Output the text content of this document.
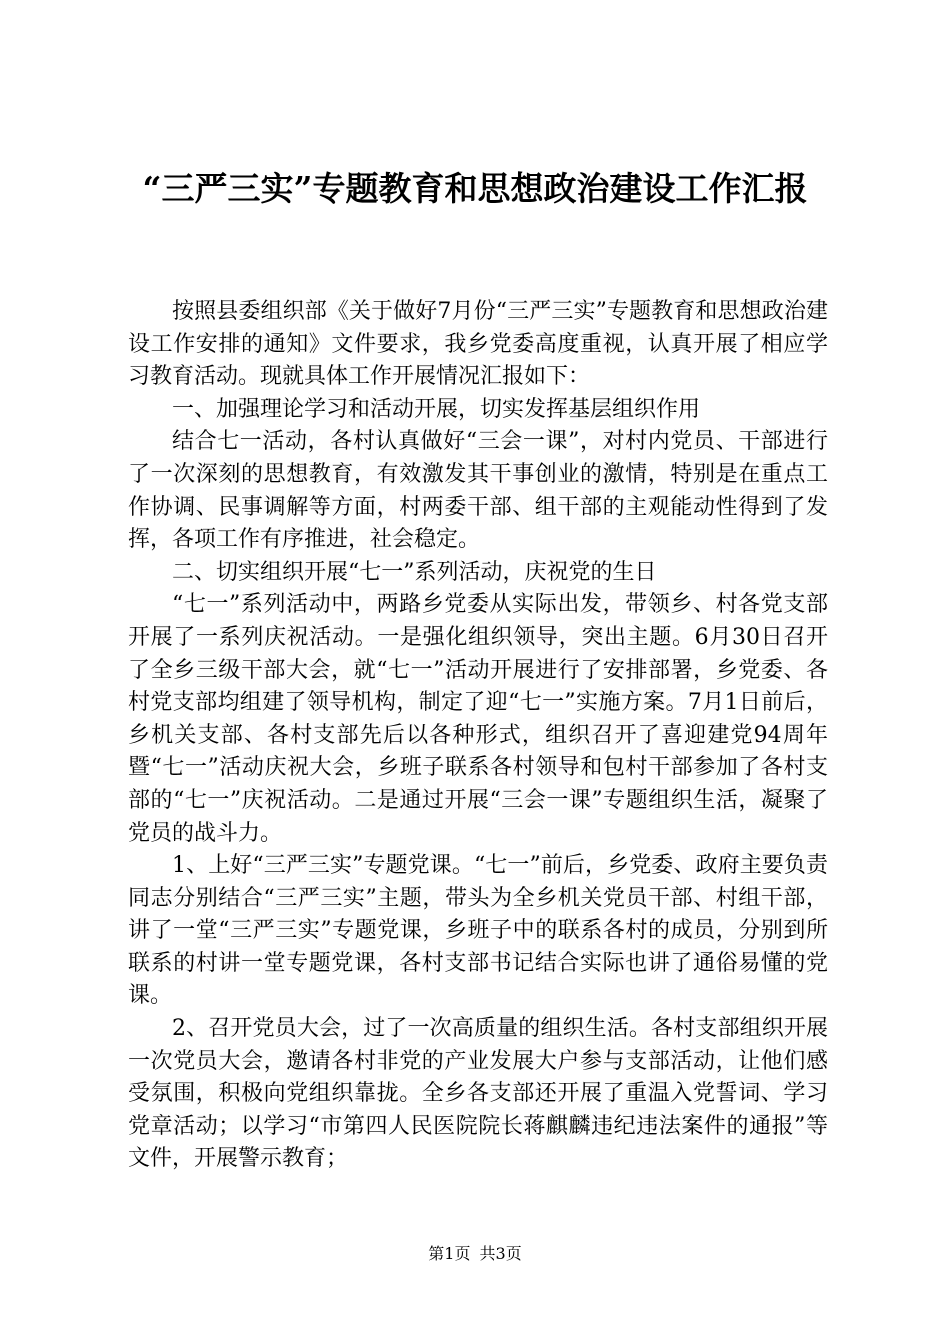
“三严三实”专题教育和思想政治建设工作汇报

按照县委组织部《关于做好7月份“三严三实”专题教育和思想政治建设工作安排的通知》文件要求，我乡党委高度重视，认真开展了相应学习教育活动。现就具体工作开展情况汇报如下：

一、加强理论学习和活动开展，切实发挥基层组织作用

结合七一活动，各村认真做好“三会一课”，对村内党员、干部进行了一次深刻的思想教育，有效激发其干事创业的激情，特别是在重点工作协调、民事调解等方面，村两委干部、组干部的主观能动性得到了发挥，各项工作有序推进，社会稳定。

二、切实组织开展“七一”系列活动，庆祝党的生日

“七一”系列活动中，两路乡党委从实际出发，带领乡、村各党支部开展了一系列庆祝活动。一是强化组织领导，突出主题。6月30日召开了全乡三级干部大会，就“七一”活动开展进行了安排部署，乡党委、各村党支部均组建了领导机构，制定了迎“七一”实施方案。7月1日前后，乡机关支部、各村支部先后以各种形式，组织召开了喜迎建党94周年暨“七一”活动庆祝大会，乡班子联系各村领导和包村干部参加了各村支部的“七一”庆祝活动。二是通过开展“三会一课”专题组织生活，凝聚了党员的战斗力。

1、上好“三严三实”专题党课。“七一”前后，乡党委、政府主要负责同志分别结合“三严三实”主题，带头为全乡机关党员干部、村组干部，讲了一堂“三严三实”专题党课，乡班子中的联系各村的成员，分别到所联系的村讲一堂专题党课，各村支部书记结合实际也讲了通俗易懂的党课。

2、召开党员大会，过了一次高质量的组织生活。各村支部组织开展一次党员大会，邀请各村非党的产业发展大户参与支部活动，让他们感受氛围，积极向党组织靠拢。全乡各支部还开展了重温入党誓词、学习党章活动；以学习“市第四人民医院院长蒋麒麟违纪违法案件的通报”等文件，开展警示教育；

第1页 共3页
